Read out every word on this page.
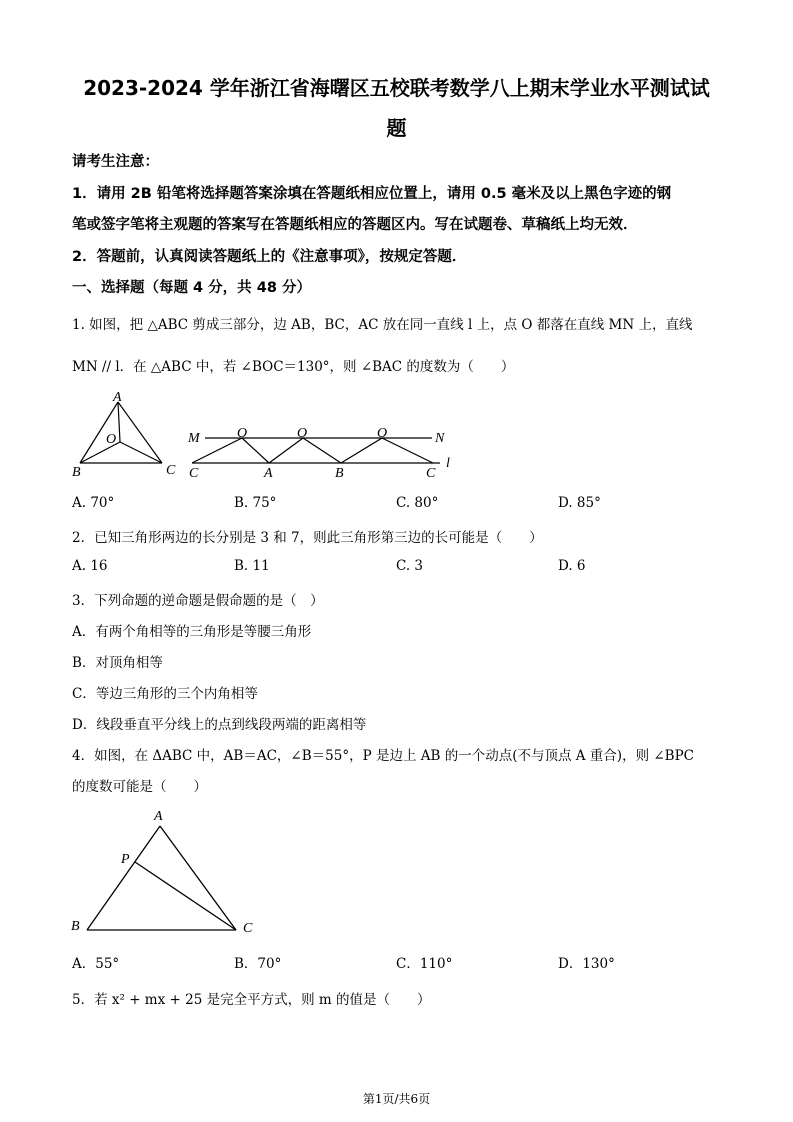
2023-2024 学年浙江省海曙区五校联考数学八上期末学业水平测试试
题
请考生注意：
1．请用 2B 铅笔将选择题答案涂填在答题纸相应位置上，请用 0.5 毫米及以上黑色字迹的钢
笔或签字笔将主观题的答案写在答题纸相应的答题区内。写在试题卷、草稿纸上均无效．
2．答题前，认真阅读答题纸上的《注意事项》，按规定答题．
一、选择题（每题 4 分，共 48 分）
1. 如图，把 △ABC 剪成三部分，边 AB，BC，AC 放在同一直线 l 上，点 O 都落在直线 MN 上，直线
MN // l．在 △ABC 中，若 ∠BOC＝130°，则 ∠BAC 的度数为（　　）
A
O
B	C
M	O	O	O	N
C	A	B	C
l
A. 70°	B. 75°	C. 80°	D. 85°
2．已知三角形两边的长分别是 3 和 7，则此三角形第三边的长可能是（　　）
A. 16	B. 11	C. 3	D. 6
3．下列命题的逆命题是假命题的是（　）
A．有两个角相等的三角形是等腰三角形
B．对顶角相等
C．等边三角形的三个内角相等
D．线段垂直平分线上的点到线段两端的距离相等
4．如图，在 ΔABC 中，AB＝AC，∠B＝55°，P 是边上 AB 的一个动点(不与顶点 A 重合)，则 ∠BPC
的度数可能是（　　）
A
P
B	C
A．55°	B．70°	C．110°	D．130°
5．若 x² + mx + 25 是完全平方式，则 m 的值是（　　）
第1页/共6页
